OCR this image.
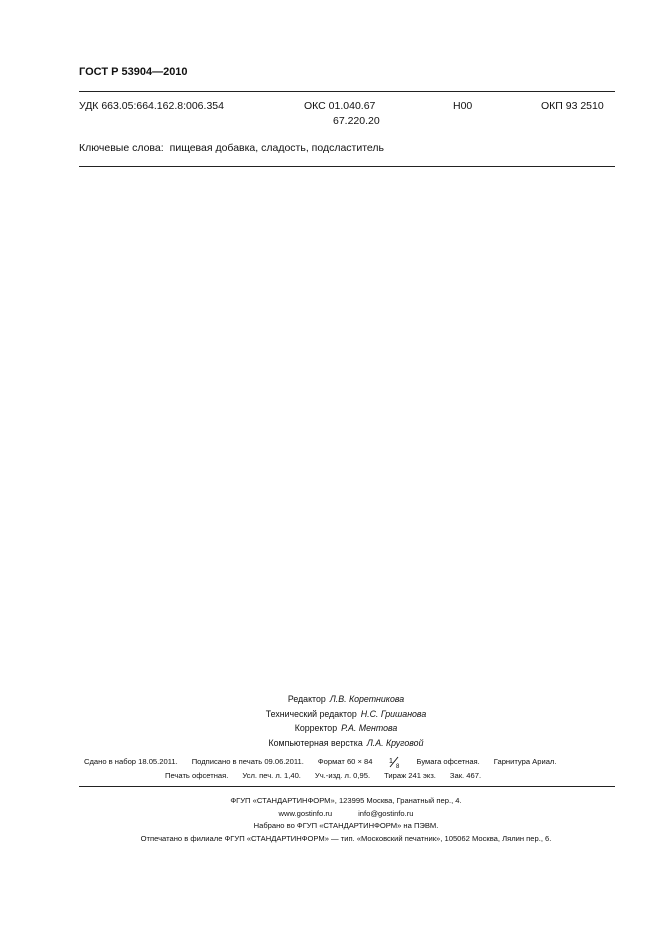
ГОСТ Р 53904—2010
УДК 663.05:664.162.8:006.354	ОКС 01.040.67
67.220.20
Н00	ОКП 93 2510
Ключевые слова: пищевая добавка, сладость, подсластитель
Редактор Л.В. Коретникова
Технический редактор Н.С. Гришанова
Корректор Р.А. Ментова
Компьютерная верстка Л.А. Круговой
Сдано в набор 18.05.2011. Подписано в печать 09.06.2011. Формат 60 × 84 1
8
Бумага офсетная. Гарнитура Ариал.
Печать офсетная. Усл. печ. л. 1,40. Уч.-изд. л. 0,95. Тираж 241 экз. Зак. 467.
ФГУП «СТАНДАРТИНФОРМ», 123995 Москва, Гранатный пер., 4.
www.gostinfo.ru	info@gostinfo.ru
Набрано во ФГУП «СТАНДАРТИНФОРМ» на ПЭВМ.
Отпечатано в филиале ФГУП «СТАНДАРТИНФОРМ» — тип. «Московский печатник», 105062 Москва, Лялин пер., 6.
